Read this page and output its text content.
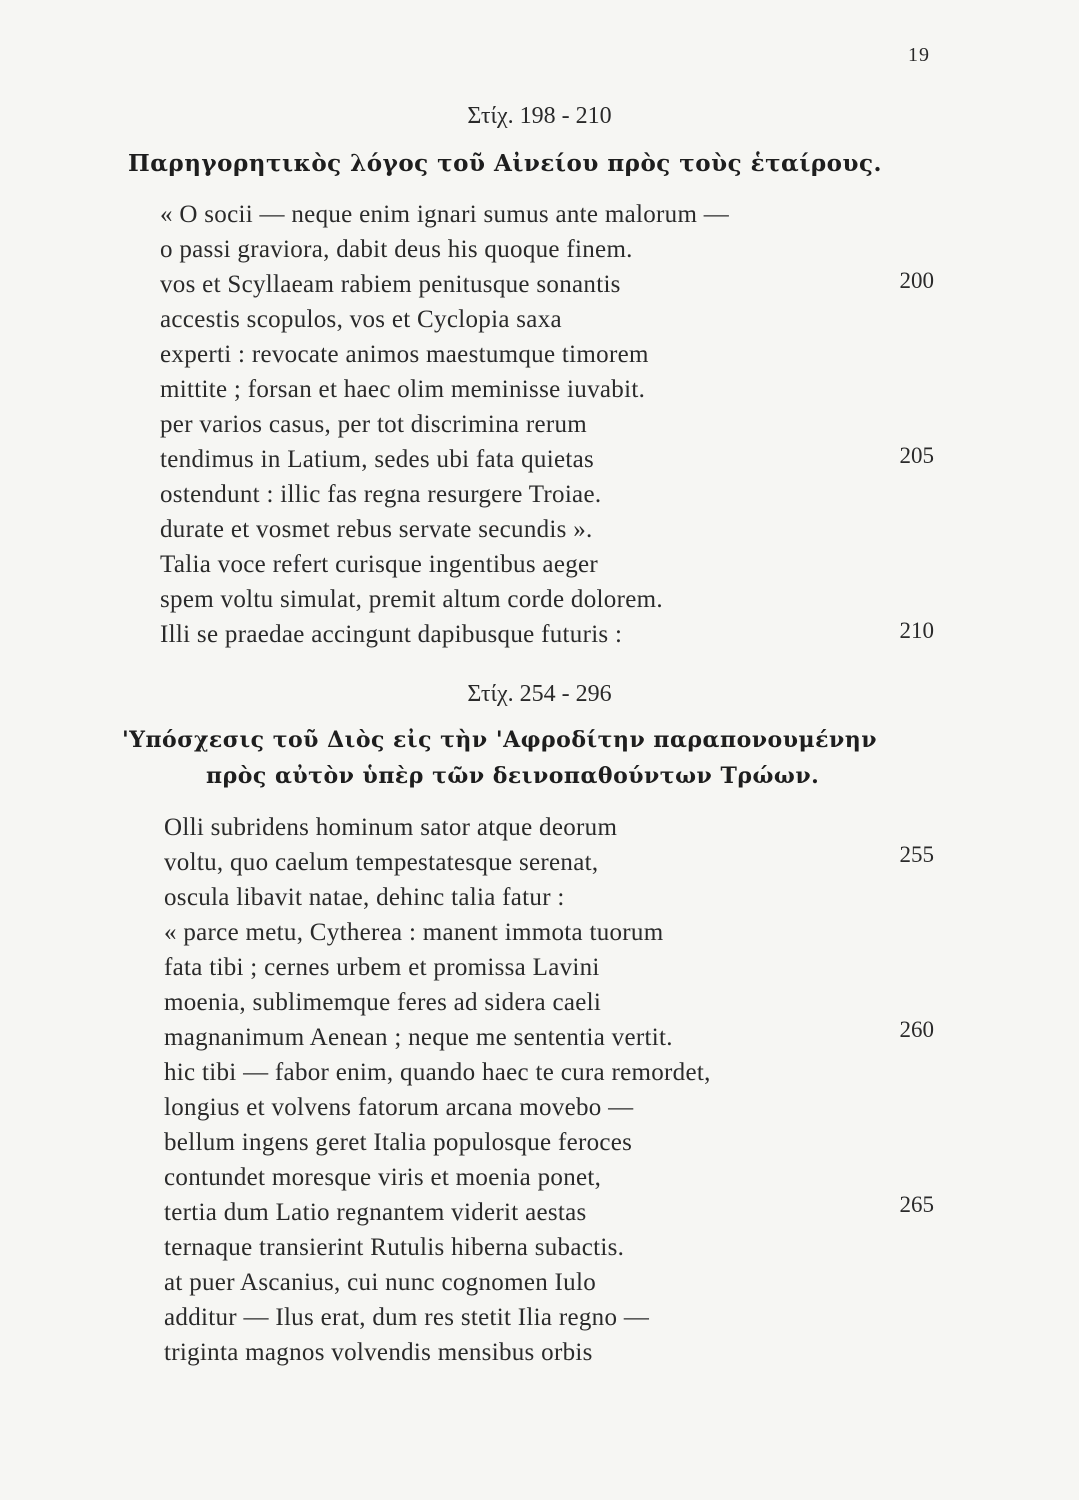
19
Στίχ. 198 - 210
Παρηγορητικὸς λόγος τοῦ Αἰνείου πρὸς τοὺς ἑταίρους.
« O socii — neque enim ignari sumus ante malorum —
o passi graviora, dabit deus his quoque finem.
vos et Scyllaeam rabiem penitusque sonantis
accestis scopulos, vos et Cyclopia saxa
experti : revocate animos maestumque timorem
mittite ; forsan et haec olim meminisse iuvabit.
per varios casus, per tot discrimina rerum
tendimus in Latium, sedes ubi fata quietas
ostendunt : illic fas regna resurgere Troiae.
durate et vosmet rebus servate secundis ».
Talia voce refert curisque ingentibus aeger
spem voltu simulat, premit altum corde dolorem.
Illi se praedae accingunt dapibusque futuris :
200
205
210
Στίχ. 254 - 296
'Υπόσχεσις τοῦ Διὸς εἰς τὴν 'Αφροδίτην παραπονουμένην
πρὸς αὐτὸν ὑπὲρ τῶν δεινοπαθούντων Τρώων.
Olli subridens hominum sator atque deorum
voltu, quo caelum tempestatesque serenat,
oscula libavit natae, dehinc talia fatur :
« parce metu, Cytherea : manent immota tuorum
fata tibi ; cernes urbem et promissa Lavini
moenia, sublimemque feres ad sidera caeli
magnanimum Aenean ; neque me sententia vertit.
hic tibi — fabor enim, quando haec te cura remordet,
longius et volvens fatorum arcana movebo —
bellum ingens geret Italia populosque feroces
contundet moresque viris et moenia ponet,
tertia dum Latio regnantem viderit aestas
ternaque transierint Rutulis hiberna subactis.
at puer Ascanius, cui nunc cognomen Iulo
additur — Ilus erat, dum res stetit Ilia regno —
triginta magnos volvendis mensibus orbis
255
260
265
